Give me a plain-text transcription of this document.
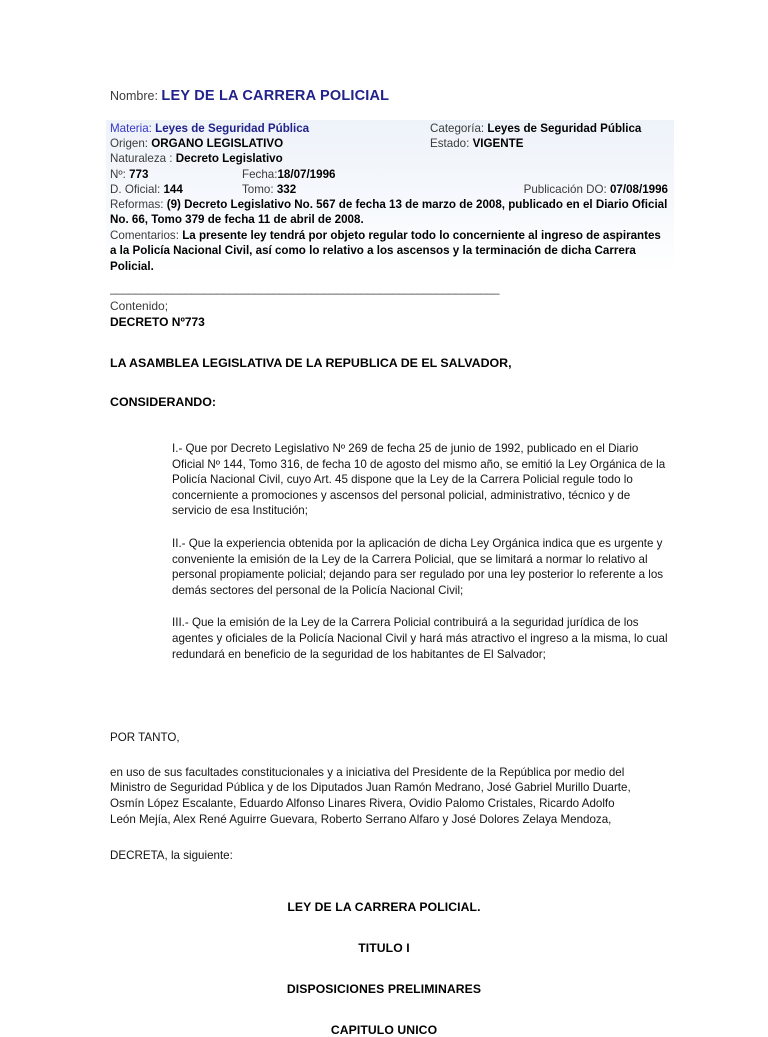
Nombre: LEY DE LA CARRERA POLICIAL
Materia: Leyes de Seguridad Pública	Categoría: Leyes de Seguridad Pública
Origen: ORGANO LEGISLATIVO	Estado: VIGENTE
Naturaleza : Decreto Legislativo
Nº: 773	Fecha:18/07/1996
D. Oficial: 144	Tomo: 332	Publicación DO: 07/08/1996
Reformas: (9) Decreto Legislativo No. 567 de fecha 13 de marzo de 2008, publicado en el Diario Oficial No. 66, Tomo 379 de fecha 11 de abril de 2008.
Comentarios: La presente ley tendrá por objeto regular todo lo concerniente al ingreso de aspirantes a la Policía Nacional Civil, así como lo relativo a los ascensos y la terminación de dicha Carrera Policial.
______________________________________________________________
Contenido;
DECRETO Nº773
LA ASAMBLEA LEGISLATIVA DE LA REPUBLICA DE EL SALVADOR,
CONSIDERANDO:
I.- Que por Decreto Legislativo Nº 269 de fecha 25 de junio de 1992, publicado en el Diario Oficial Nº 144, Tomo 316, de fecha 10 de agosto del mismo año, se emitió la Ley Orgánica de la Policía Nacional Civil, cuyo Art. 45 dispone que la Ley de la Carrera Policial regule todo lo concerniente a promociones y ascensos del personal policial, administrativo, técnico y de servicio de esa Institución;
II.- Que la experiencia obtenida por la aplicación de dicha Ley Orgánica indica que es urgente y conveniente la emisión de la Ley de la Carrera Policial, que se limitará a normar lo relativo al personal propiamente policial; dejando para ser regulado por una ley posterior lo referente a los demás sectores del personal de la Policía Nacional Civil;
III.- Que la emisión de la Ley de la Carrera Policial contribuirá a la seguridad jurídica de los agentes y oficiales de la Policía Nacional Civil y hará más atractivo el ingreso a la misma, lo cual redundará en beneficio de la seguridad de los habitantes de El Salvador;
POR TANTO,
en uso de sus facultades constitucionales y a iniciativa del Presidente de la República por medio del Ministro de Seguridad Pública y de los Diputados Juan Ramón Medrano, José Gabriel Murillo Duarte, Osmín López Escalante, Eduardo Alfonso Linares Rivera, Ovidio Palomo Cristales, Ricardo Adolfo León Mejía, Alex René Aguirre Guevara, Roberto Serrano Alfaro y José Dolores Zelaya Mendoza,
DECRETA, la siguiente:
LEY DE LA CARRERA POLICIAL.
TITULO I
DISPOSICIONES PRELIMINARES
CAPITULO UNICO
